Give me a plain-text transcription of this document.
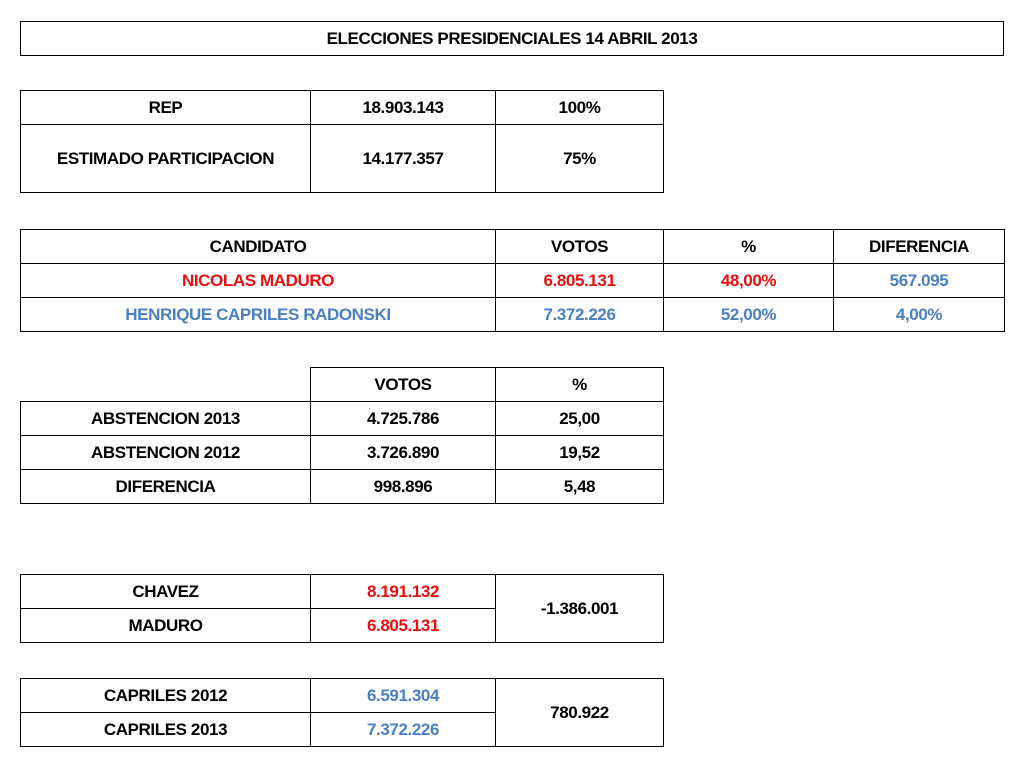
ELECCIONES PRESIDENCIALES 14 ABRIL 2013
REP	18.903.143	100%
ESTIMADO PARTICIPACION	14.177.357	75%
CANDIDATO	VOTOS	%	DIFERENCIA
NICOLAS MADURO	6.805.131	48,00%	567.095
HENRIQUE CAPRILES RADONSKI	7.372.226	52,00%	4,00%
	VOTOS	%
ABSTENCION 2013	4.725.786	25,00
ABSTENCION 2012	3.726.890	19,52
DIFERENCIA	998.896	5,48
CHAVEZ	8.191.132	-1.386.001
MADURO	6.805.131	
CAPRILES 2012	6.591.304	780.922
CAPRILES 2013	7.372.226	
